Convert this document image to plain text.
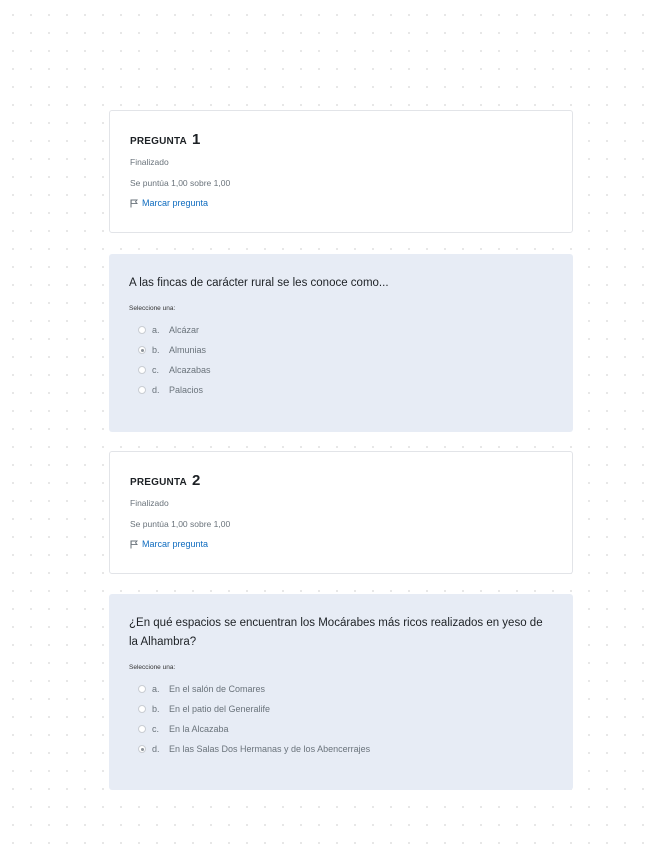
PREGUNTA 1
Finalizado
Se puntúa 1,00 sobre 1,00
Marcar pregunta
A las fincas de carácter rural se les conoce como...
Seleccione una:
a.	Alcázar
b.	Almunias
c.	Alcazabas
d.	Palacios
PREGUNTA 2
Finalizado
Se puntúa 1,00 sobre 1,00
Marcar pregunta
¿En qué espacios se encuentran los Mocárabes más ricos realizados en yeso de la Alhambra?
Seleccione una:
a.	En el salón de Comares
b.	En el patio del Generalife
c.	En la Alcazaba
d.	En las Salas Dos Hermanas y de los Abencerrajes
